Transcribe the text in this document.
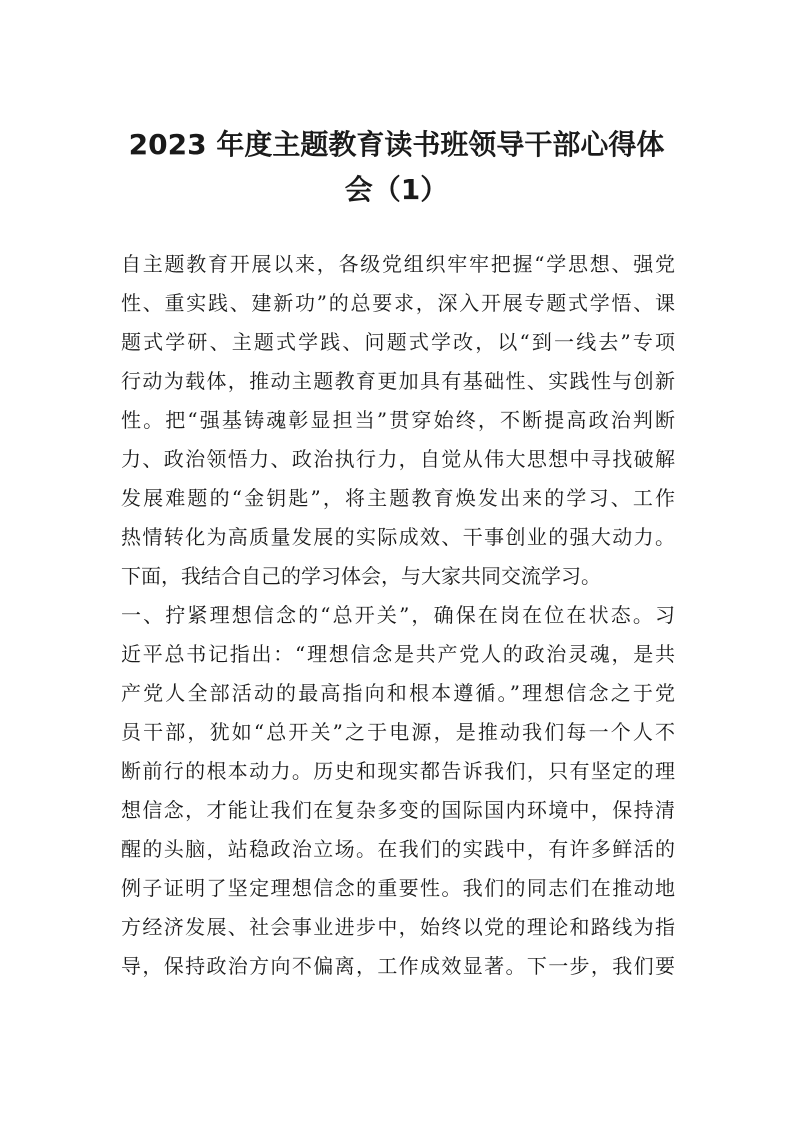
2023 年度主题教育读书班领导干部心得体
会（1）
自主题教育开展以来，各级党组织牢牢把握“学思想、强党
性、重实践、建新功”的总要求，深入开展专题式学悟、课
题式学研、主题式学践、问题式学改，以“到一线去”专项
行动为载体，推动主题教育更加具有基础性、实践性与创新
性。把“强基铸魂彰显担当”贯穿始终，不断提高政治判断
力、政治领悟力、政治执行力，自觉从伟大思想中寻找破解
发展难题的“金钥匙”，将主题教育焕发出来的学习、工作
热情转化为高质量发展的实际成效、干事创业的强大动力。
下面，我结合自己的学习体会，与大家共同交流学习。
一、拧紧理想信念的“总开关”，确保在岗在位在状态。习
近平总书记指出：“理想信念是共产党人的政治灵魂，是共
产党人全部活动的最高指向和根本遵循。”理想信念之于党
员干部，犹如“总开关”之于电源，是推动我们每一个人不
断前行的根本动力。历史和现实都告诉我们，只有坚定的理
想信念，才能让我们在复杂多变的国际国内环境中，保持清
醒的头脑，站稳政治立场。在我们的实践中，有许多鲜活的
例子证明了坚定理想信念的重要性。我们的同志们在推动地
方经济发展、社会事业进步中，始终以党的理论和路线为指
导，保持政治方向不偏离，工作成效显著。下一步，我们要
